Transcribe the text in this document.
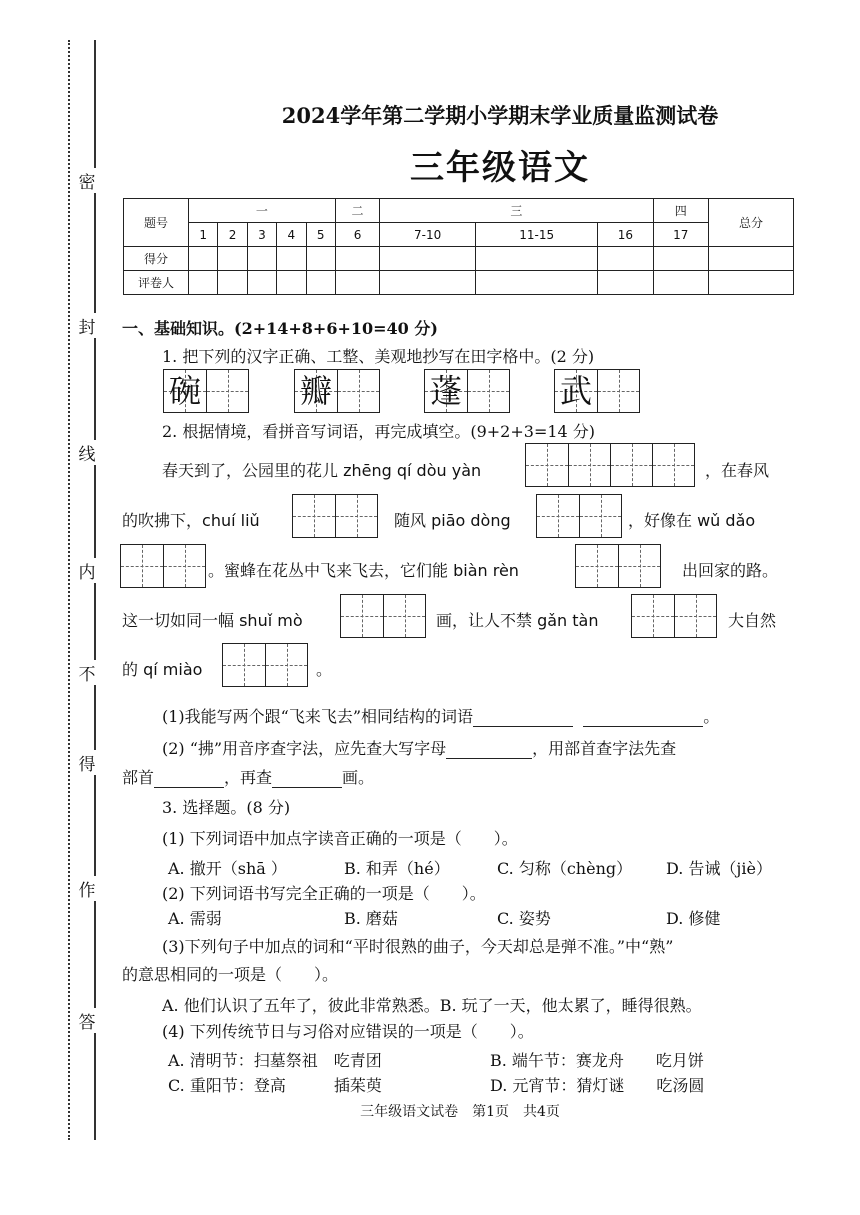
密
封
线
内
不
得
作
答
2024学年第二学期小学期末学业质量监测试卷
三年级语文
题号	一					二	三			四	总分
	1	2	3	4	5	6	7-10	11-15	16	17	
得分											
评卷人											
一、基础知识。(2+14+8+6+10=40 分)
1. 把下列的汉字正确、工整、美观地抄写在田字格中。(2 分)
碗	瓣	蓬	武
2. 根据情境，看拼音写词语，再完成填空。(9+2+3=14 分)
春天到了，公园里的花儿 zhēng qí dòu yàn	，在春风
的吹拂下，chuí liǔ	随风 piāo dòng	，好像在 wǔ dǎo
。蜜蜂在花丛中飞来飞去，它们能 biàn rèn	出回家的路。
这一切如同一幅 shuǐ mò	画，让人不禁 gǎn tàn	大自然
的 qí miào	。
(1)我能写两个跟“飞来飞去”相同结构的词语	。
(2) “拂”用音序查字法，应先查大写字母	，用部首查字法先查
部首	，再查	画。
3. 选择题。(8 分)
(1) 下列词语中加点字读音正确的一项是（　　）。
A. 撤开（shā ）	B. 和弄（hé）	C. 匀称（chèng） D. 告诫（jiè）
(2) 下列词语书写完全正确的一项是（　　）。
A. 需弱	B. 磨菇	C. 姿势	D. 修健
(3)下列句子中加点的词和“平时很熟的曲子，今天却总是弹不准。”中“熟”
的意思相同的一项是（　　）。
A. 他们认识了五年了，彼此非常熟悉。B. 玩了一天，他太累了，睡得很熟。
(4) 下列传统节日与习俗对应错误的一项是（　　）。
A. 清明节：扫墓祭祖　吃青团	B. 端午节：赛龙舟　　吃月饼
C. 重阳节：登高　　　插茱萸	D. 元宵节：猜灯谜　　吃汤圆
三年级语文试卷　第1页　共4页
